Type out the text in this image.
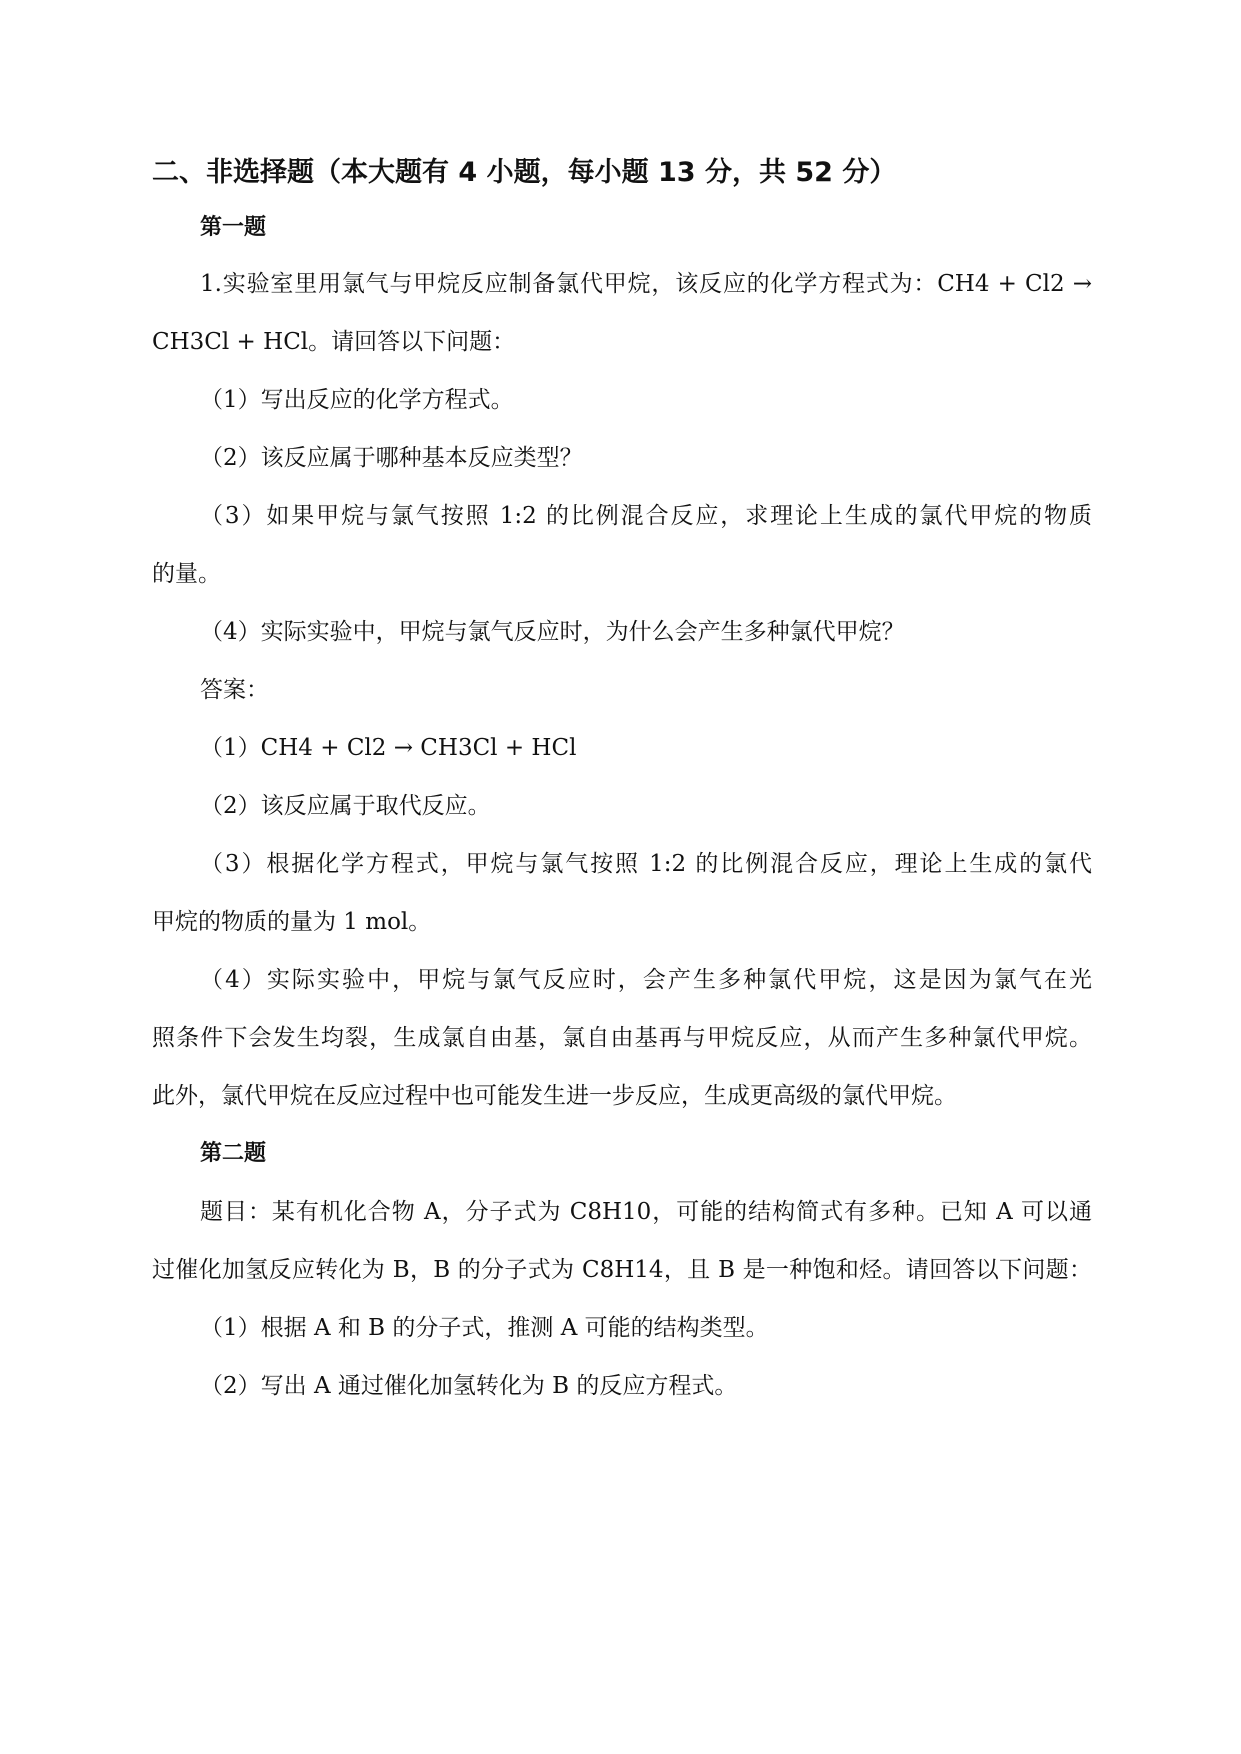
二、非选择题（本大题有 4 小题，每小题 13 分，共 52 分）
第一题
1.实验室里用氯气与甲烷反应制备氯代甲烷，该反应的化学方程式为：CH4 + Cl2 →
CH3Cl + HCl。请回答以下问题：
（1）写出反应的化学方程式。
（2）该反应属于哪种基本反应类型？
（3）如果甲烷与氯气按照 1:2 的比例混合反应，求理论上生成的氯代甲烷的物质
的量。
（4）实际实验中，甲烷与氯气反应时，为什么会产生多种氯代甲烷？
答案：
（1）CH4 + Cl2 → CH3Cl + HCl
（2）该反应属于取代反应。
（3）根据化学方程式，甲烷与氯气按照 1:2 的比例混合反应，理论上生成的氯代
甲烷的物质的量为 1 mol。
（4）实际实验中，甲烷与氯气反应时，会产生多种氯代甲烷，这是因为氯气在光
照条件下会发生均裂，生成氯自由基，氯自由基再与甲烷反应，从而产生多种氯代甲烷。
此外，氯代甲烷在反应过程中也可能发生进一步反应，生成更高级的氯代甲烷。
第二题
题目：某有机化合物 A，分子式为 C8H10，可能的结构简式有多种。已知 A 可以通
过催化加氢反应转化为 B，B 的分子式为 C8H14，且 B 是一种饱和烃。请回答以下问题：
（1）根据 A 和 B 的分子式，推测 A 可能的结构类型。
（2）写出 A 通过催化加氢转化为 B 的反应方程式。
